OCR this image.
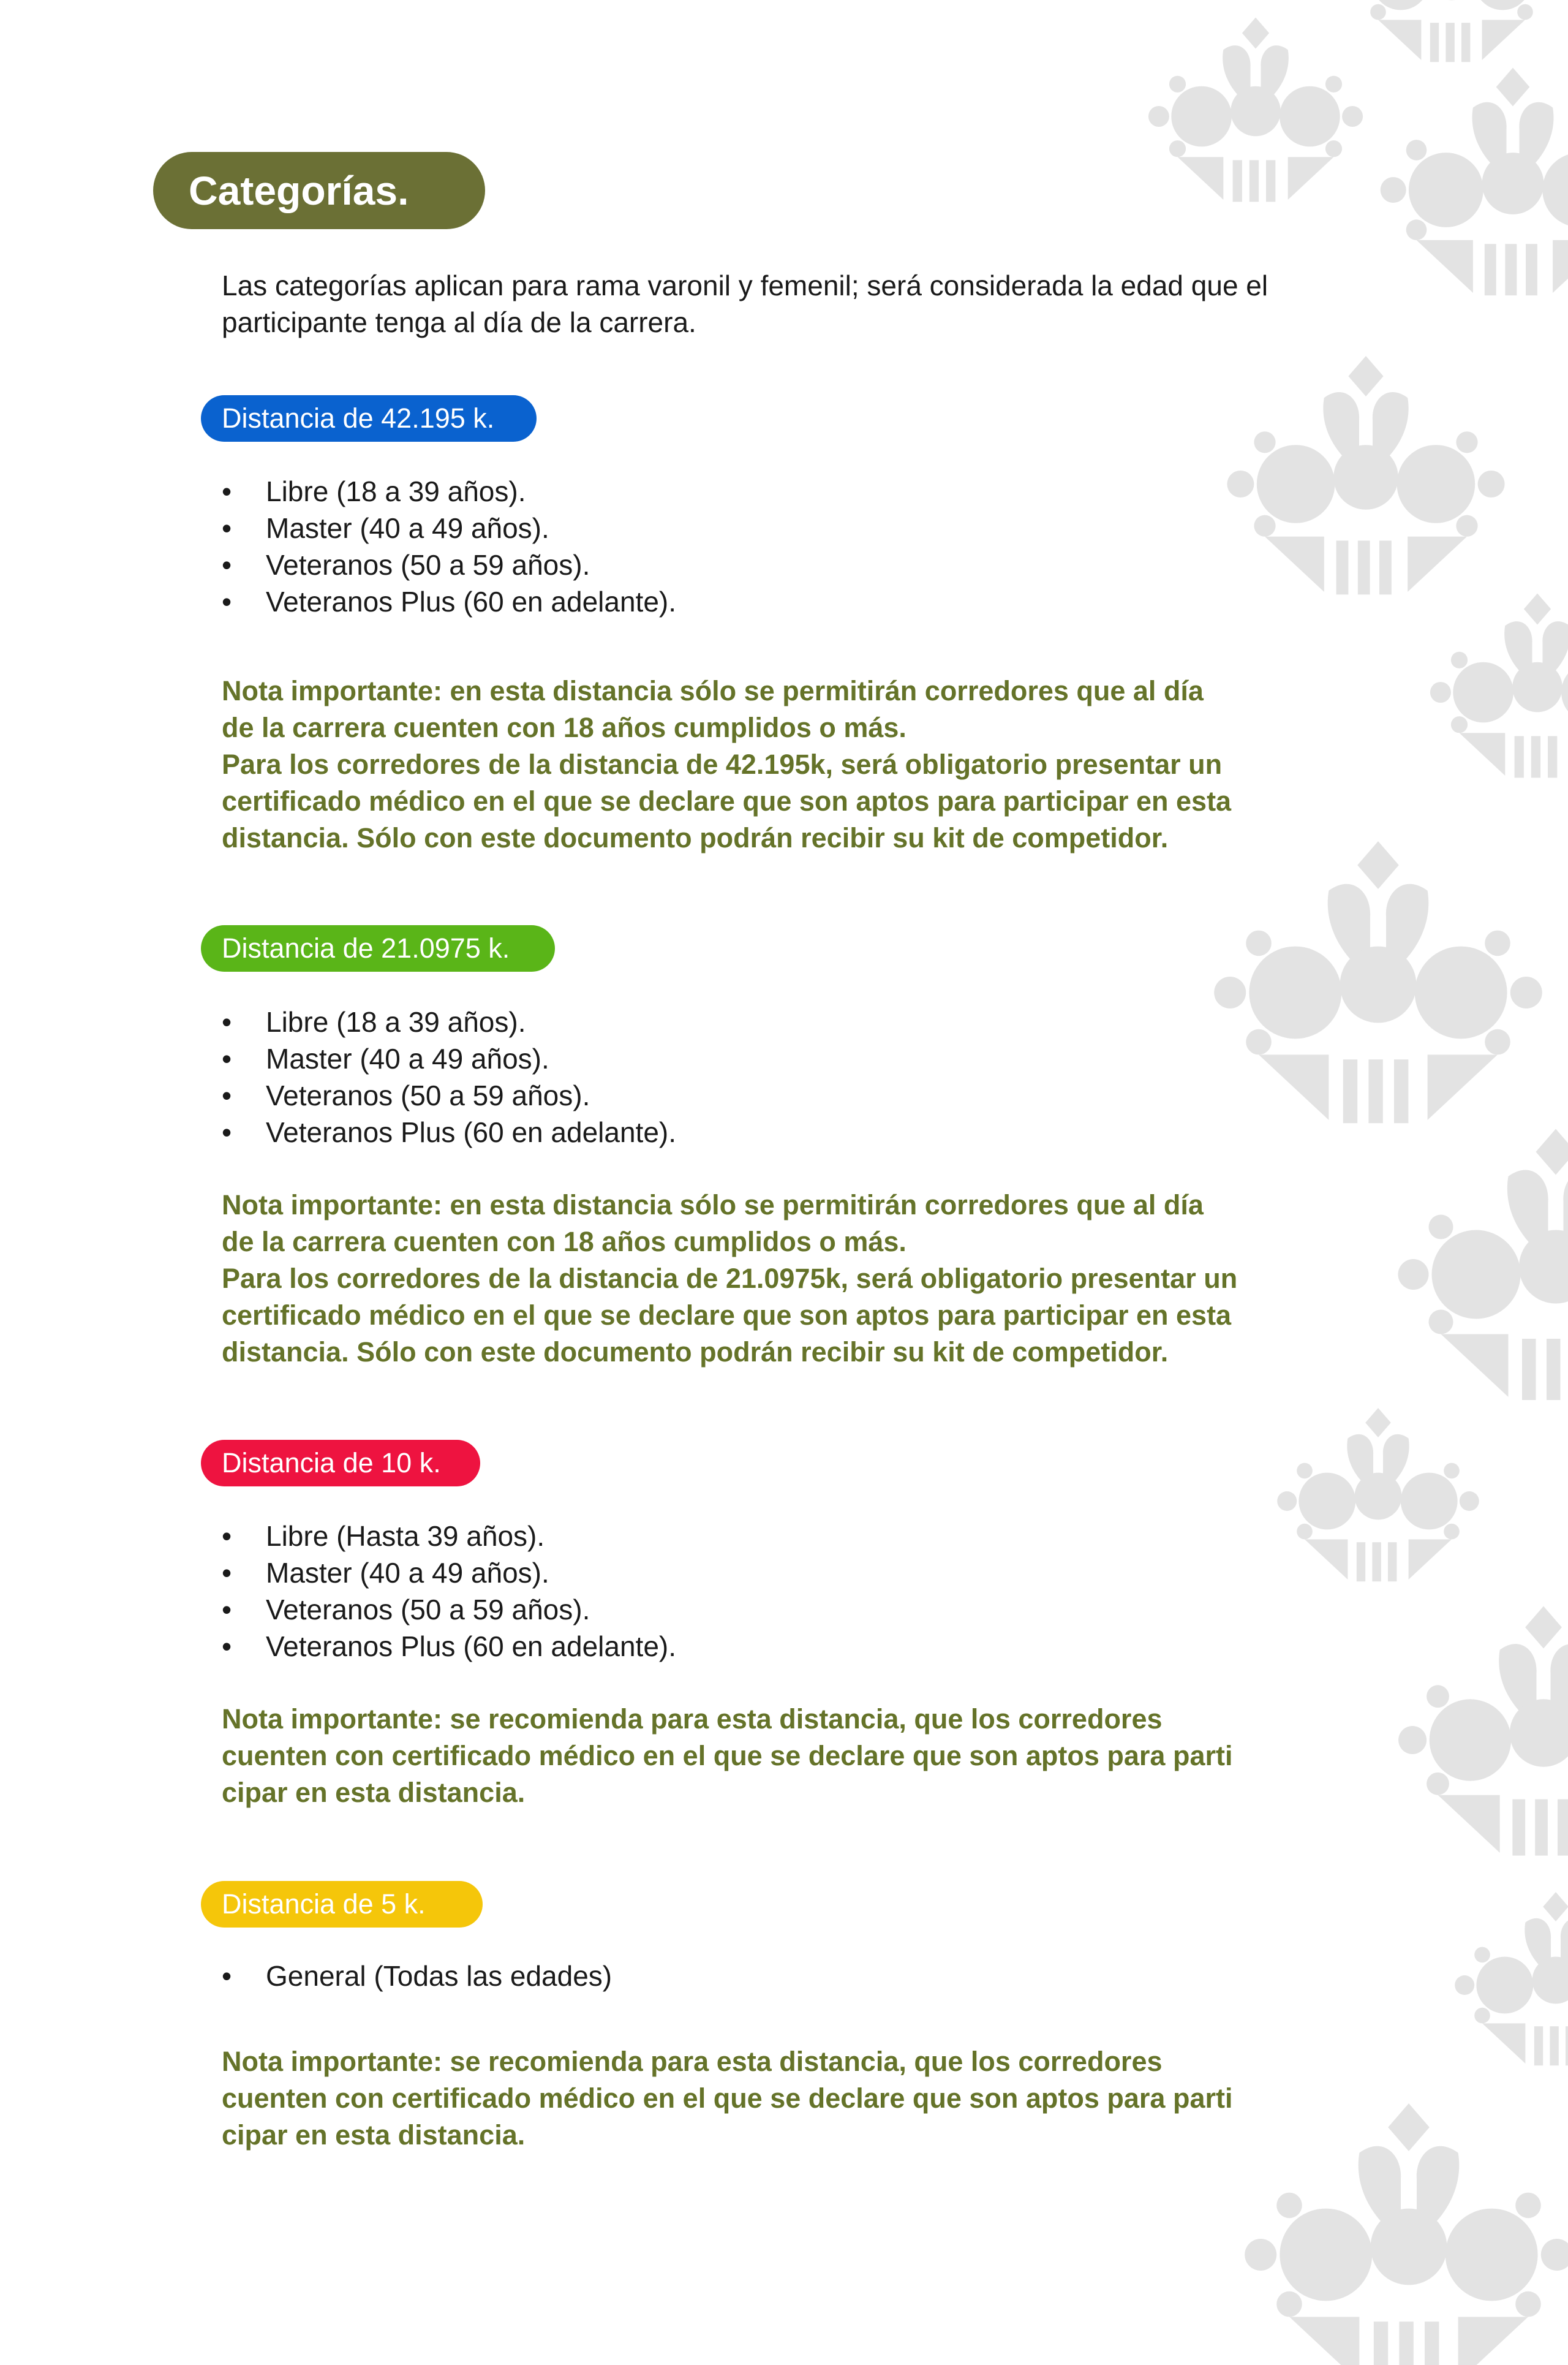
Categorías.

Las categorías aplican para rama varonil y femenil; será considerada la edad que el participante tenga al día de la carrera.

Distancia de 42.195 k.
• Libre (18 a 39 años).
• Master (40 a 49 años).
• Veteranos (50 a 59 años).
• Veteranos Plus (60 en adelante).
Nota importante: en esta distancia sólo se permitirán corredores que al día
de la carrera cuenten con 18 años cumplidos o más.
Para los corredores de la distancia de 42.195k, será obligatorio presentar un
certificado médico en el que se declare que son aptos para participar en esta
distancia. Sólo con este documento podrán recibir su kit de competidor.
Distancia de 21.0975 k.
• Libre (18 a 39 años).
• Master (40 a 49 años).
• Veteranos (50 a 59 años).
• Veteranos Plus (60 en adelante).
Nota importante: en esta distancia sólo se permitirán corredores que al día
de la carrera cuenten con 18 años cumplidos o más.
Para los corredores de la distancia de 21.0975k, será obligatorio presentar un
certificado médico en el que se declare que son aptos para participar en esta
distancia. Sólo con este documento podrán recibir su kit de competidor.
Distancia de 10 k.
• Libre (Hasta 39 años).
• Master (40 a 49 años).
• Veteranos (50 a 59 años).
• Veteranos Plus (60 en adelante).
Nota importante: se recomienda para esta distancia, que los corredores
cuenten con certificado médico en el que se declare que son aptos para parti
cipar en esta distancia.
Distancia de 5 k.
• General (Todas las edades)
Nota importante: se recomienda para esta distancia, que los corredores
cuenten con certificado médico en el que se declare que son aptos para parti
cipar en esta distancia.
